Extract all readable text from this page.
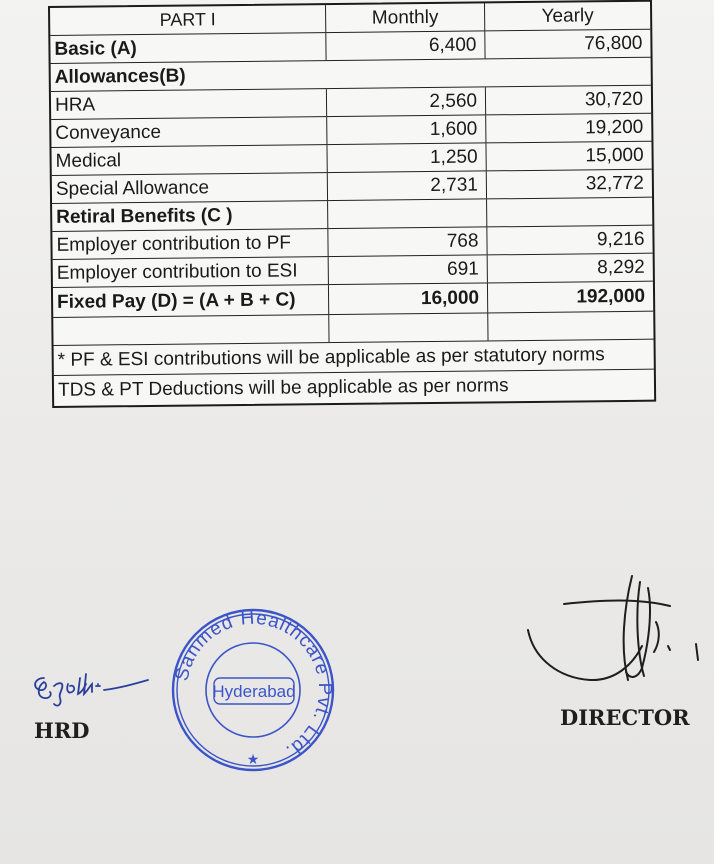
PART I	Monthly	Yearly
Basic (A)	6,400	76,800
Allowances(B)
HRA	2,560	30,720
Conveyance	1,600	19,200
Medical	1,250	15,000
Special Allowance	2,731	32,772
Retiral Benefits (C )
Employer contribution to PF	768	9,216
Employer contribution to ESI	691	8,292
Fixed Pay (D) = (A + B + C)	16,000	192,000
* PF & ESI contributions will be applicable as per statutory norms
TDS & PT Deductions will be applicable as per norms
HRD
Sanmed Healthcare Pvt. Ltd.
Hyderabad
★
DIRECTOR
